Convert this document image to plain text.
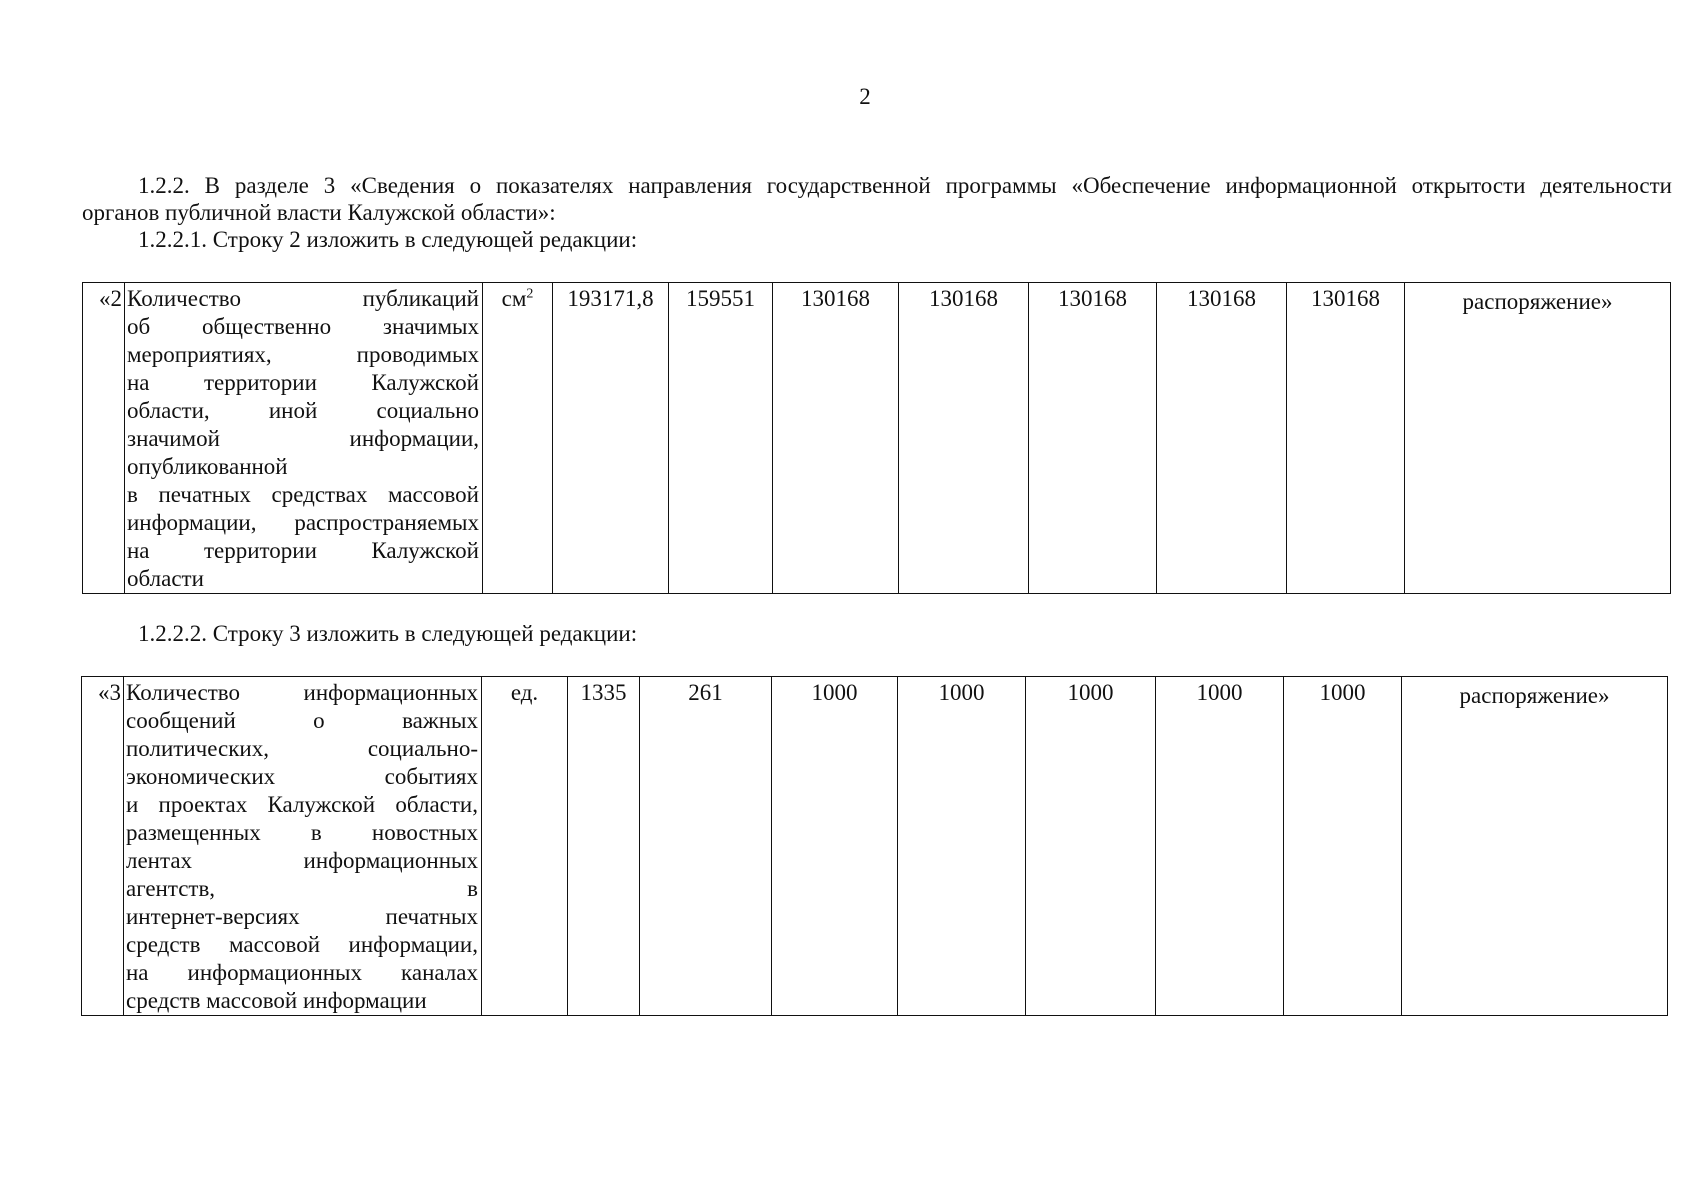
2
1.2.2. В разделе 3 «Сведения о показателях направления государственной программы «Обеспечение информационной открытости деятельности
органов публичной власти Калужской области»:
1.2.2.1. Строку 2 изложить в следующей редакции:
«2	Количество публикаций
об общественно значимых
мероприятиях, проводимых
на территории Калужской
области, иной социально
значимой информации,
опубликованной
в печатных средствах массовой
информации, распространяемых
на территории Калужской
области
	$см^2$	193171,8	159551	130168	130168	130168	130168	130168	распоряжение»
1.2.2.2. Строку 3 изложить в следующей редакции:
«3	Количество информационных
сообщений о важных
политических, социально-
экономических событиях
и проектах Калужской области,
размещенных в новостных
лентах информационных
агентств, в
интернет-версиях печатных
средств массовой информации,
на информационных каналах
средств массовой информации
	ед.	1335	261	1000	1000	1000	1000	1000	распоряжение»
